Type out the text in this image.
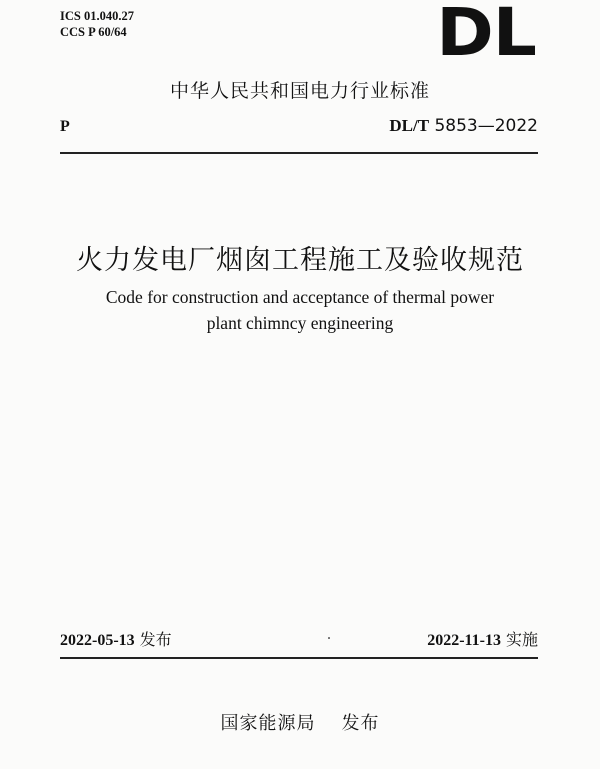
ICS 01.040.27
CCS P 60/64	DL
中华人民共和国电力行业标准
P	DL/T 5853—2022
火力发电厂烟囱工程施工及验收规范
Code for construction and acceptance of thermal power
plant chimncy engineering
2022-05-13 发布	2022-11-13 实施
国家能源局 发布
